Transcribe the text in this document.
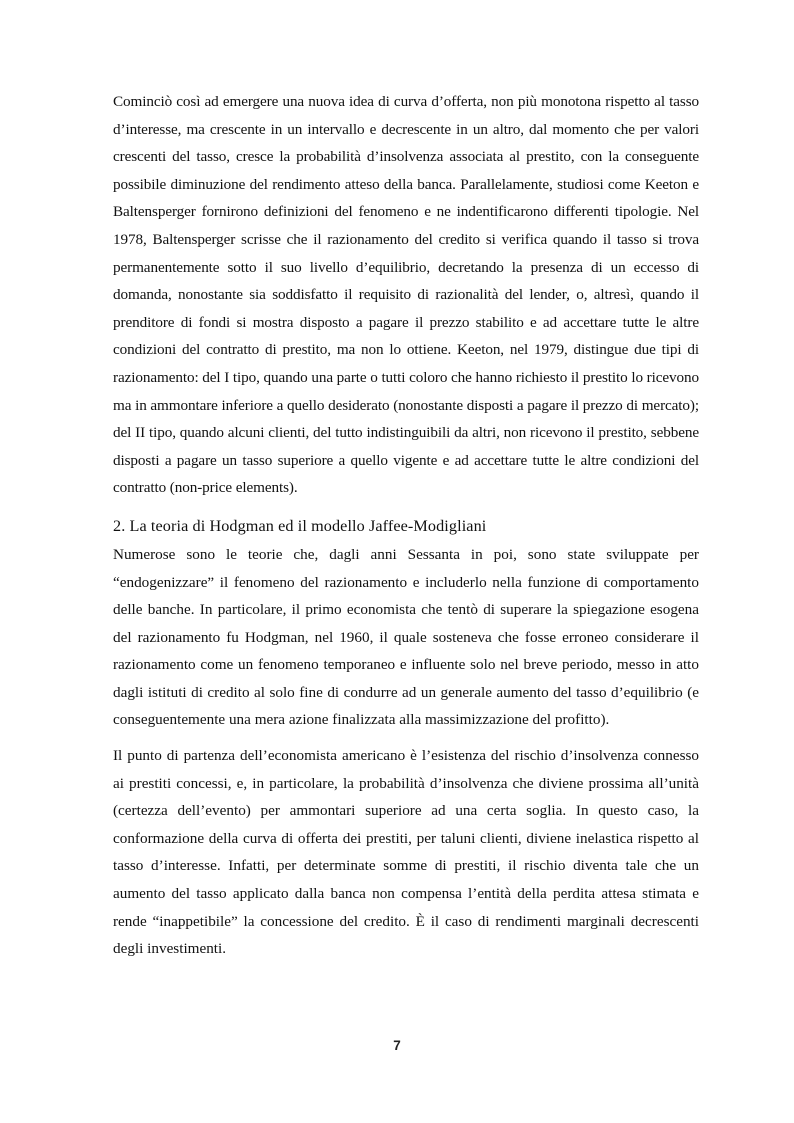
Cominciò così ad emergere una nuova idea di curva d’offerta, non più monotona rispetto al tasso d’interesse, ma crescente in un intervallo e decrescente in un altro, dal momento che per valori crescenti del tasso, cresce la probabilità d’insolvenza associata al prestito, con la conseguente possibile diminuzione del rendimento atteso della banca. Parallelamente, studiosi come Keeton e Baltensperger fornirono definizioni del fenomeno e ne indentificarono differenti tipologie. Nel 1978, Baltensperger scrisse che il razionamento del credito si verifica quando il tasso si trova permanentemente sotto il suo livello d’equilibrio, decretando la presenza di un eccesso di domanda, nonostante sia soddisfatto il requisito di razionalità del lender, o, altresì, quando il prenditore di fondi si mostra disposto a pagare il prezzo stabilito e ad accettare tutte le altre condizioni del contratto di prestito, ma non lo ottiene. Keeton, nel 1979, distingue due tipi di razionamento: del I tipo, quando una parte o tutti coloro che hanno richiesto il prestito lo ricevono ma in ammontare inferiore a quello desiderato (nonostante disposti a pagare il prezzo di mercato); del II tipo, quando alcuni clienti, del tutto indistinguibili da altri, non ricevono il prestito, sebbene disposti a pagare un tasso superiore a quello vigente e ad accettare tutte le altre condizioni del contratto (non-price elements).

2. La teoria di Hodgman ed il modello Jaffee-Modigliani

Numerose sono le teorie che, dagli anni Sessanta in poi, sono state sviluppate per “endogenizzare” il fenomeno del razionamento e includerlo nella funzione di comportamento delle banche. In particolare, il primo economista che tentò di superare la spiegazione esogena del razionamento fu Hodgman, nel 1960, il quale sosteneva che fosse erroneo considerare il razionamento come un fenomeno temporaneo e influente solo nel breve periodo, messo in atto dagli istituti di credito al solo fine di condurre ad un generale aumento del tasso d’equilibrio (e conseguentemente una mera azione finalizzata alla massimizzazione del profitto).

Il punto di partenza dell’economista americano è l’esistenza del rischio d’insolvenza connesso ai prestiti concessi, e, in particolare, la probabilità d’insolvenza che diviene prossima all’unità (certezza dell’evento) per ammontari superiore ad una certa soglia. In questo caso, la conformazione della curva di offerta dei prestiti, per taluni clienti, diviene inelastica rispetto al tasso d’interesse. Infatti, per determinate somme di prestiti, il rischio diventa tale che un aumento del tasso applicato dalla banca non compensa l’entità della perdita attesa stimata e rende “inappetibile” la concessione del credito. È il caso di rendimenti marginali decrescenti degli investimenti.

7
